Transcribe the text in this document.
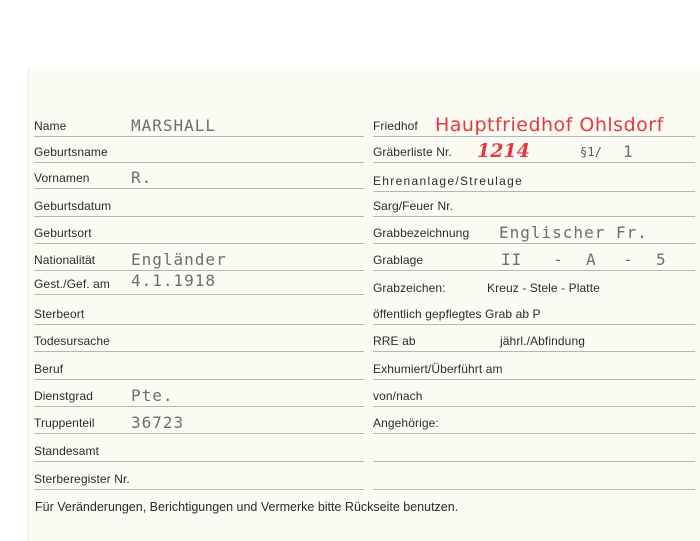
Name	MARSHALL
Geburtsname
Vornamen	R.
Geburtsdatum
Geburtsort
Nationalität Engländer
Gest./Gef. am 4.1.1918
Sterbeort
Todesursache
Beruf
Dienstgrad Pte.
Truppenteil 36723
Standesamt
Sterberegister Nr.
Friedhof Hauptfriedhof Ohlsdorf
Gräberliste Nr. 1214	§1/ 1
Ehrenanlage/Streulage
Sarg/Feuer Nr.
Grabbezeichnung Englischer Fr.
Grablage	II - A - 5
Grabzeichen:	Kreuz - Stele - Platte
öffentlich gepflegtes Grab ab P
RRE ab	jährl./Abfindung
Exhumiert/Überführt am
von/nach
Angehörige:
Für Veränderungen, Berichtigungen und Vermerke bitte Rückseite benutzen.
